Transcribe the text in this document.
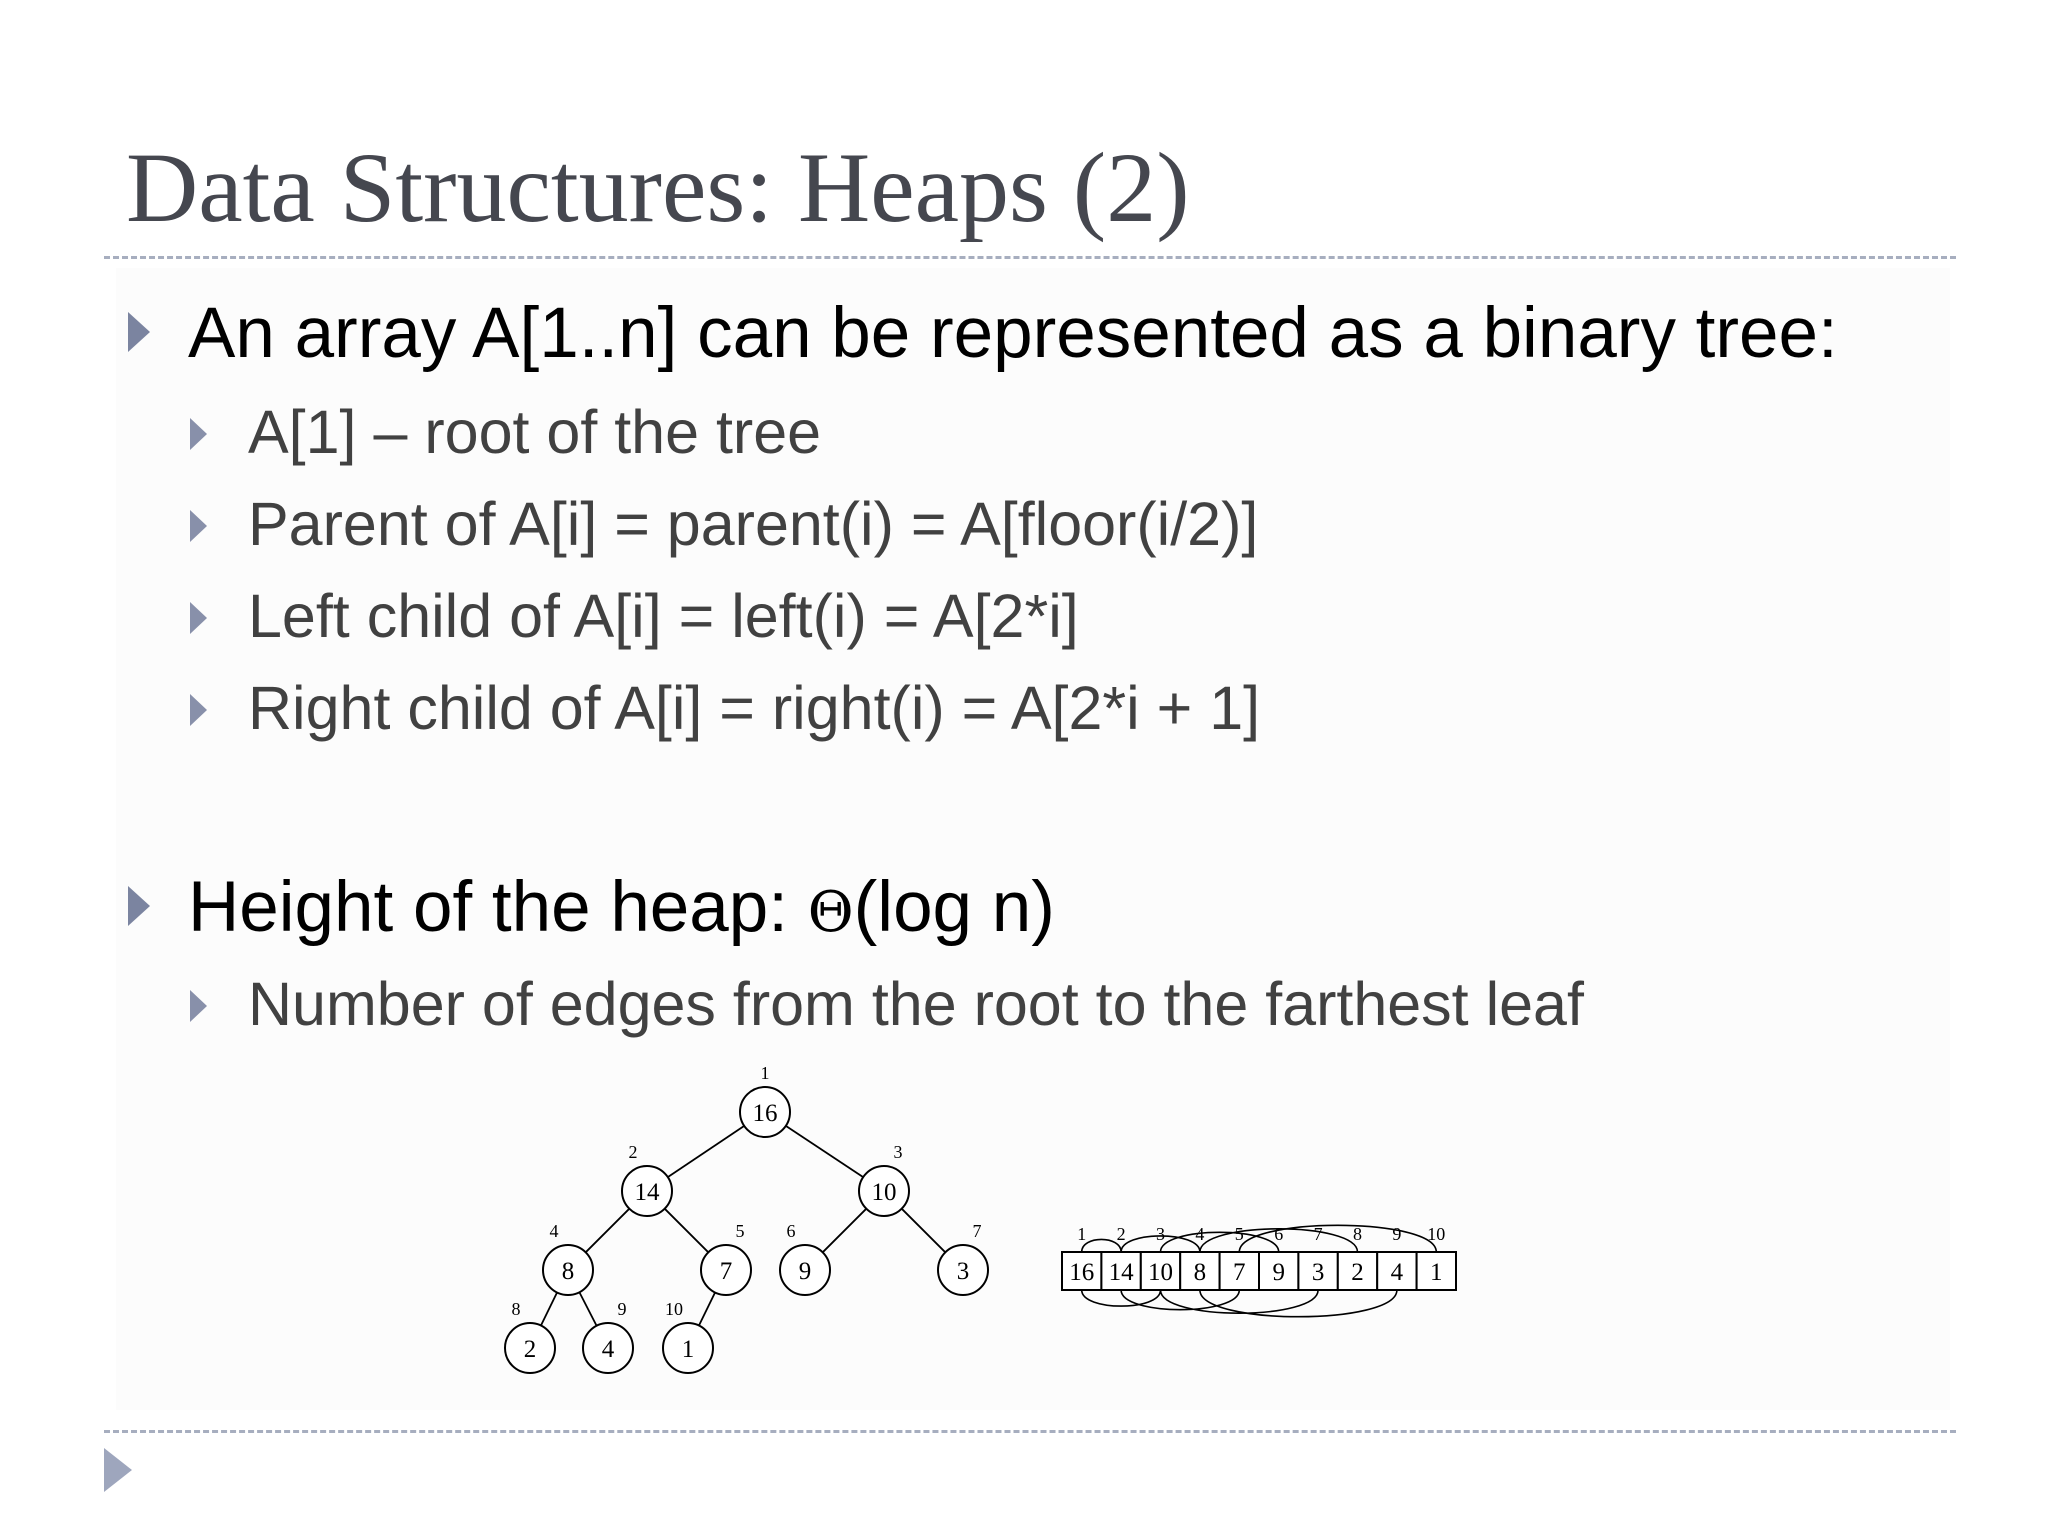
Data Structures: Heaps (2)
An array A[1..n] can be represented as a binary tree:
A[1] – root of the tree
Parent of A[i] = parent(i) = A[floor(i/2)]
Left child of A[i] = left(i) = A[2*i]
Right child of A[i] = right(i) = A[2*i + 1]
Height of the heap: Θ(log n)
Number of edges from the root to the farthest leaf
16
1
14
2
10
3
8
4
7
5
9
6
3
7
2
8
4
9
1
10
16
1
14
2
10
3
8
4
7
5
9
6
3
7
2
8
4
9
1
10
